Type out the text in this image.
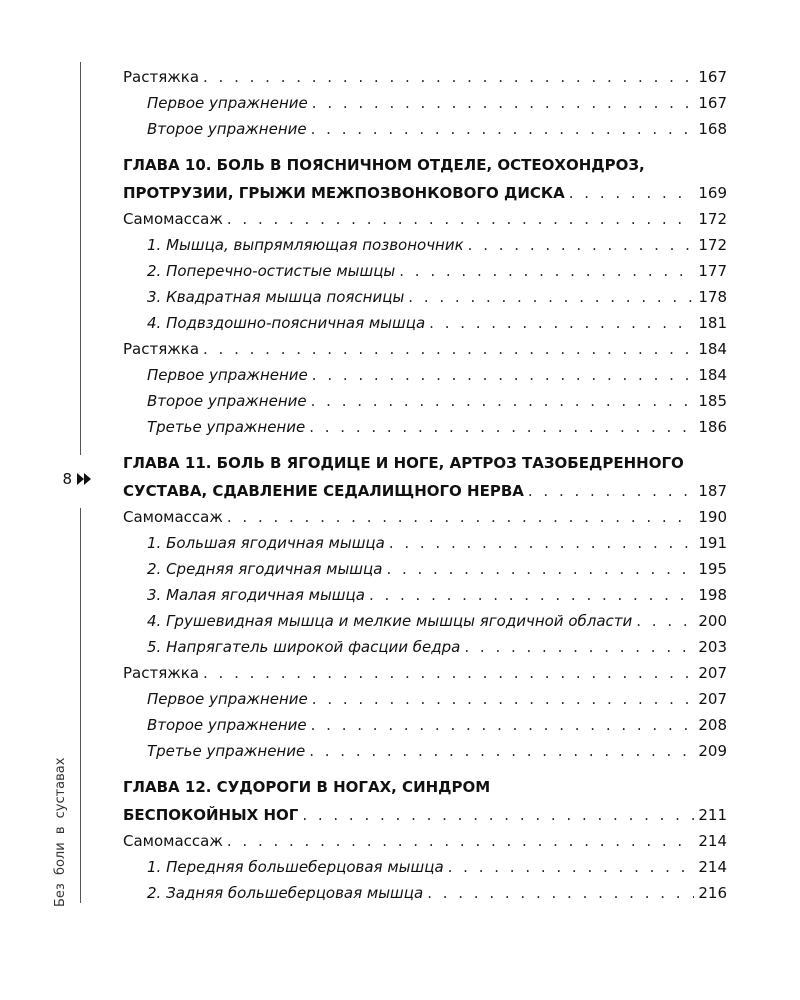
8
Без боли в суставах
Растяжка . . .	167
Первое упражнение . . .	167
Второе упражнение . . .	168
ГЛАВА 10. БОЛЬ В ПОЯСНИЧНОМ ОТДЕЛЕ, ОСТЕОХОНДРОЗ,
ПРОТРУЗИИ, ГРЫЖИ МЕЖПОЗВОНКОВОГО ДИСКА . . .	169
Самомассаж . . .	172
1. Мышца, выпрямляющая позвоночник . . .	172
2. Поперечно-остистые мышцы . . .	177
3. Квадратная мышца поясницы . . .	178
4. Подвздошно-поясничная мышца . . .	181
Растяжка . . .	184
Первое упражнение . . .	184
Второе упражнение . . .	185
Третье упражнение . . .	186
ГЛАВА 11. БОЛЬ В ЯГОДИЦЕ И НОГЕ, АРТРОЗ ТАЗОБЕДРЕННОГО
СУСТАВА, СДАВЛЕНИЕ СЕДАЛИЩНОГО НЕРВА . . .	187
Самомассаж . . .	190
1. Большая ягодичная мышца . . .	191
2. Средняя ягодичная мышца . . .	195
3. Малая ягодичная мышца . . .	198
4. Грушевидная мышца и мелкие мышцы ягодичной области . . .	200
5. Напрягатель широкой фасции бедра . . .	203
Растяжка . . .	207
Первое упражнение . . .	207
Второе упражнение . . .	208
Третье упражнение . . .	209
ГЛАВА 12. СУДОРОГИ В НОГАХ, СИНДРОМ
БЕСПОКОЙНЫХ НОГ . . .	211
Самомассаж . . .	214
1. Передняя большеберцовая мышца . . .	214
2. Задняя большеберцовая мышца . . .	216
